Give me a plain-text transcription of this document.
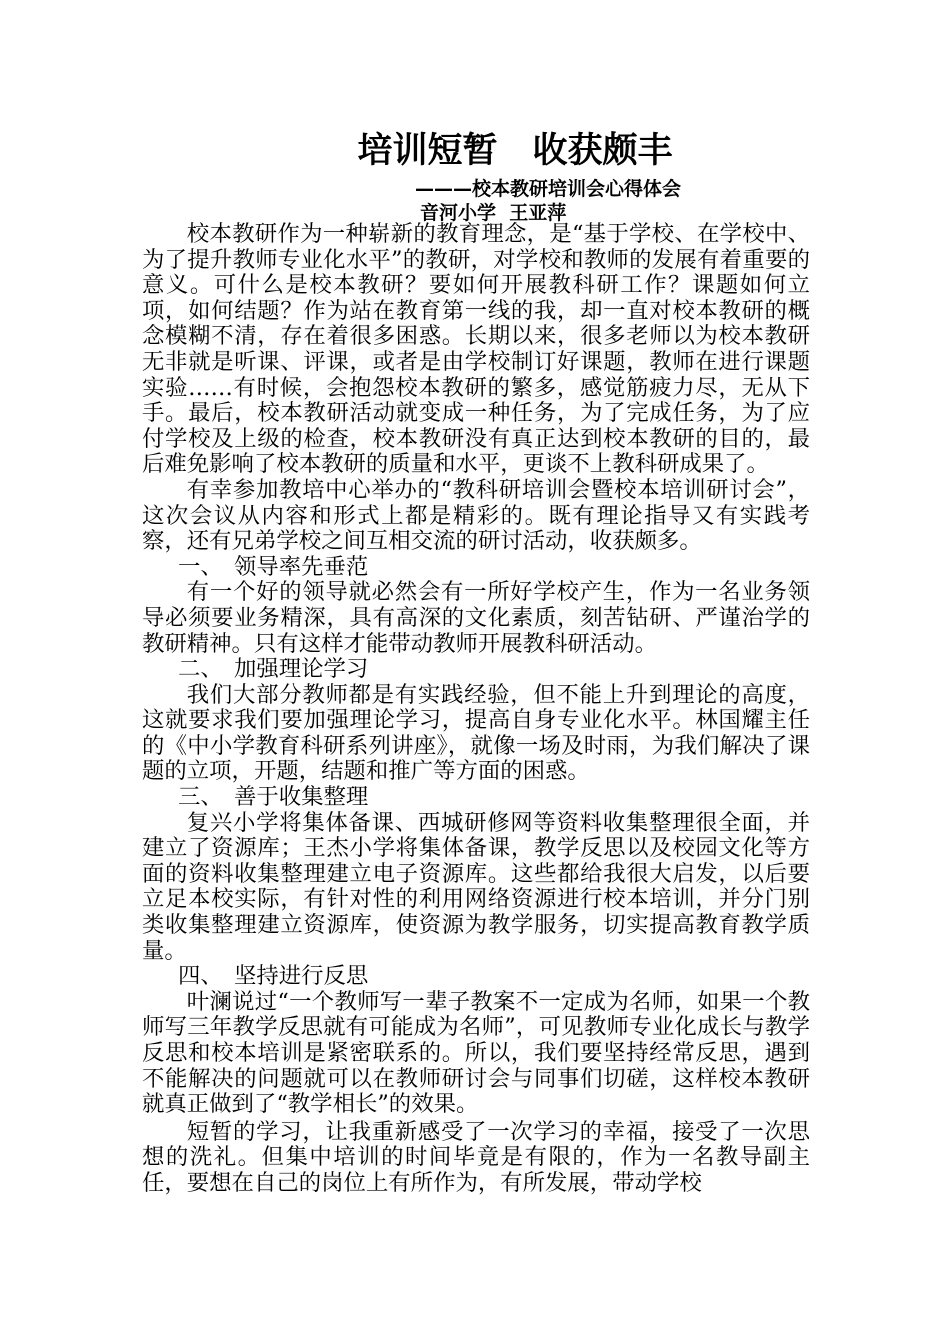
培训短暂　收获颇丰
———校本教研培训会心得体会
音河小学  王亚萍

校本教研作为一种崭新的教育理念，是“基于学校、在学校中、为了提升教师专业化水平”的教研，对学校和教师的发展有着重要的意义。可什么是校本教研？要如何开展教科研工作？课题如何立项，如何结题？作为站在教育第一线的我，却一直对校本教研的概念模糊不清，存在着很多困惑。长期以来，很多老师以为校本教研无非就是听课、评课，或者是由学校制订好课题，教师在进行课题实验……有时候，会抱怨校本教研的繁多，感觉筋疲力尽，无从下手。最后，校本教研活动就变成一种任务，为了完成任务，为了应付学校及上级的检查，校本教研没有真正达到校本教研的目的，最后难免影响了校本教研的质量和水平，更谈不上教科研成果了。

有幸参加教培中心举办的“教科研培训会暨校本培训研讨会”，这次会议从内容和形式上都是精彩的。既有理论指导又有实践考察，还有兄弟学校之间互相交流的研讨活动，收获颇多。

一、　领导率先垂范

有一个好的领导就必然会有一所好学校产生，作为一名业务领导必须要业务精深，具有高深的文化素质，刻苦钻研、严谨治学的教研精神。只有这样才能带动教师开展教科研活动。

二、　加强理论学习

我们大部分教师都是有实践经验，但不能上升到理论的高度，这就要求我们要加强理论学习，提高自身专业化水平。林国耀主任的《中小学教育科研系列讲座》，就像一场及时雨，为我们解决了课题的立项，开题，结题和推广等方面的困惑。

三、　善于收集整理

复兴小学将集体备课、西城研修网等资料收集整理很全面，并建立了资源库；王杰小学将集体备课，教学反思以及校园文化等方面的资料收集整理建立电子资源库。这些都给我很大启发，以后要立足本校实际，有针对性的利用网络资源进行校本培训，并分门别类收集整理建立资源库，使资源为教学服务，切实提高教育教学质量。

四、　坚持进行反思

叶澜说过“一个教师写一辈子教案不一定成为名师，如果一个教师写三年教学反思就有可能成为名师”，可见教师专业化成长与教学反思和校本培训是紧密联系的。所以，我们要坚持经常反思，遇到不能解决的问题就可以在教师研讨会与同事们切磋，这样校本教研就真正做到了“教学相长”的效果。

短暂的学习，让我重新感受了一次学习的幸福，接受了一次思想的洗礼。但集中培训的时间毕竟是有限的，作为一名教导副主任，要想在自己的岗位上有所作为，有所发展，带动学校
